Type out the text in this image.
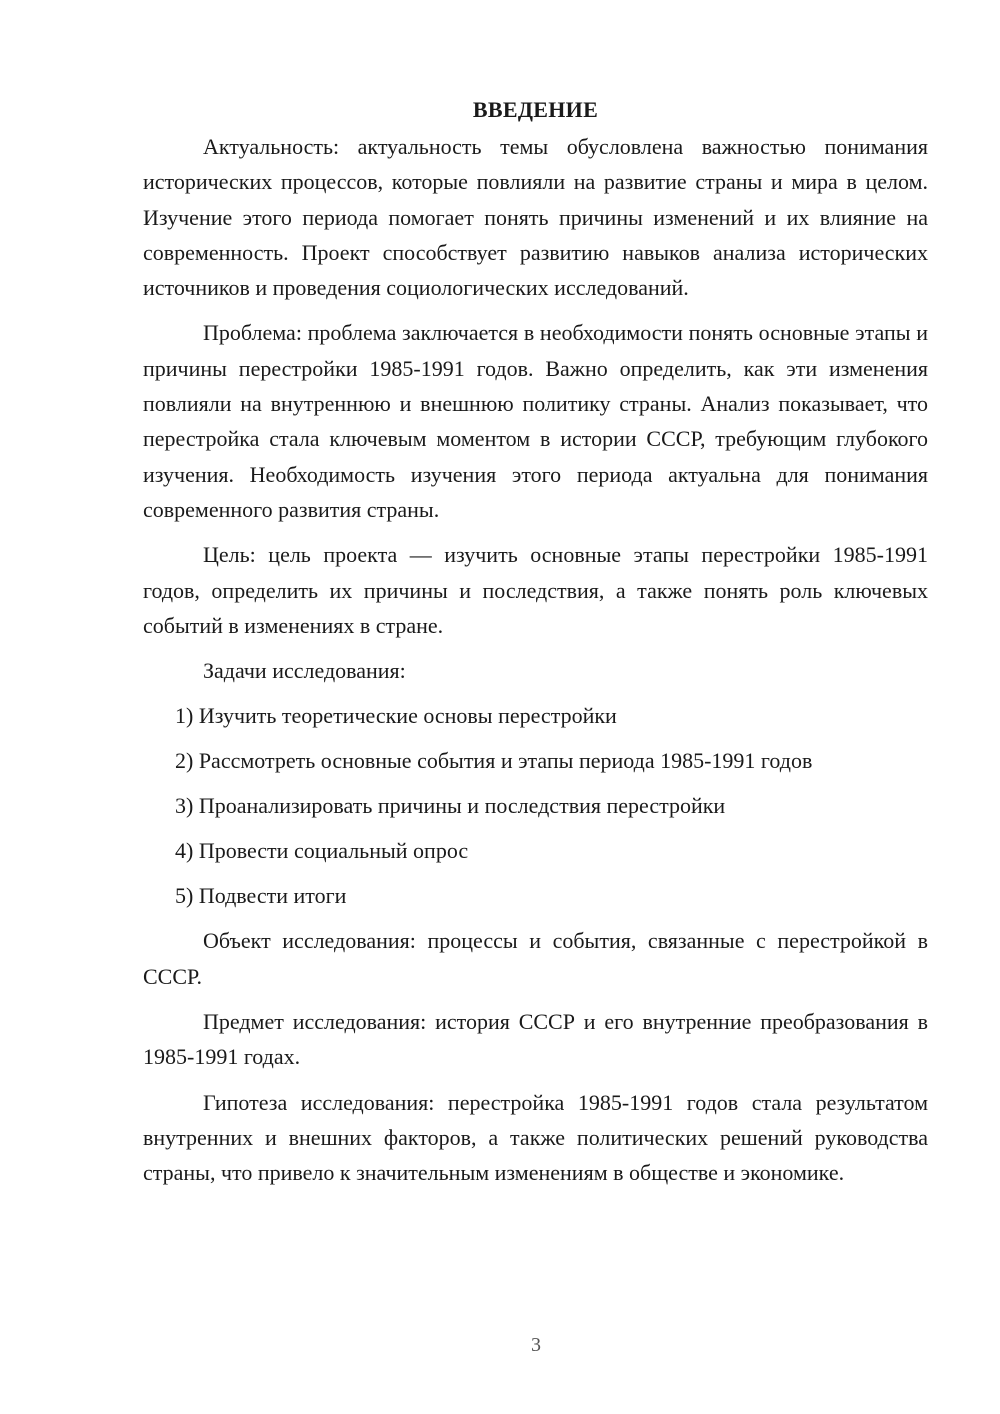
ВВЕДЕНИЕ

Актуальность: актуальность темы обусловлена важностью понимания исторических процессов, которые повлияли на развитие страны и мира в целом. Изучение этого периода помогает понять причины изменений и их влияние на современность. Проект способствует развитию навыков анализа исторических источников и проведения социологических исследований.

Проблема: проблема заключается в необходимости понять основные этапы и причины перестройки 1985-1991 годов. Важно определить, как эти изменения повлияли на внутреннюю и внешнюю политику страны. Анализ показывает, что перестройка стала ключевым моментом в истории СССР, требующим глубокого изучения. Необходимость изучения этого периода актуальна для понимания современного развития страны.

Цель: цель проекта — изучить основные этапы перестройки 1985-1991 годов, определить их причины и последствия, а также понять роль ключевых событий в изменениях в стране.

Задачи исследования:

1) Изучить теоретические основы перестройки
2) Рассмотреть основные события и этапы периода 1985-1991 годов
3) Проанализировать причины и последствия перестройки
4) Провести социальный опрос
5) Подвести итоги

Объект исследования: процессы и события, связанные с перестройкой в СССР.

Предмет исследования: история СССР и его внутренние преобразования в 1985-1991 годах.

Гипотеза исследования: перестройка 1985-1991 годов стала результатом внутренних и внешних факторов, а также политических решений руководства страны, что привело к значительным изменениям в обществе и экономике.

3
